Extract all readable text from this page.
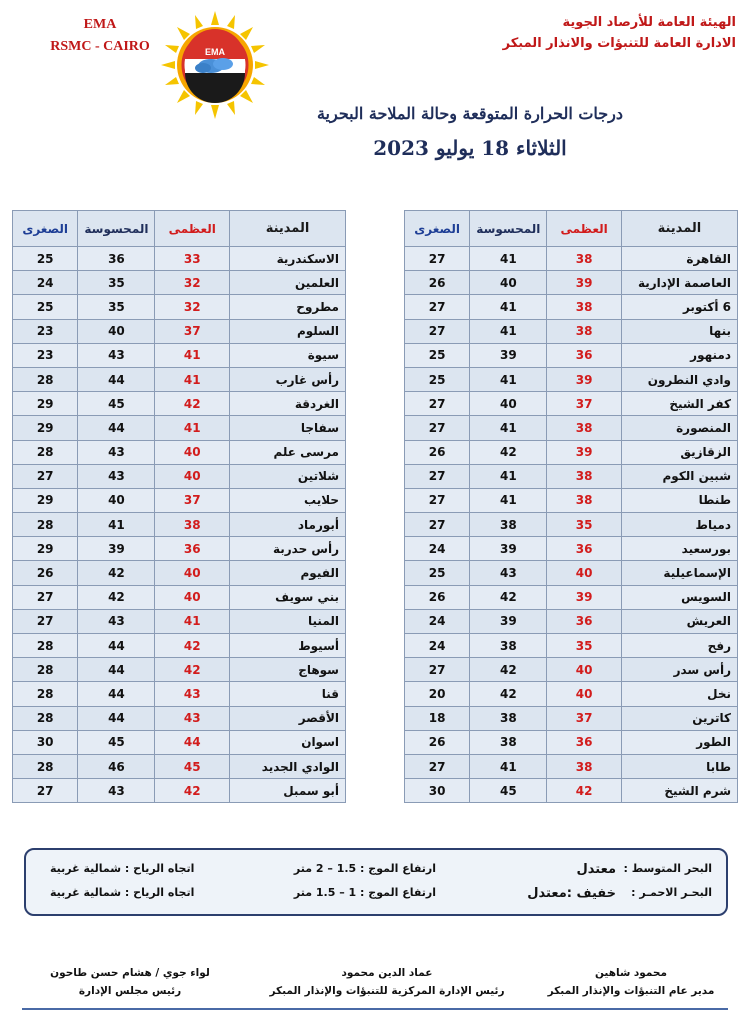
EMA
RSMC - CAIRO	EMA
الهيئة العامة للأرصاد الجوية
الادارة العامة للتنبؤات والانذار المبكر
درجات الحرارة المتوقعة وحالة الملاحة البحرية
الثلاثاء 18 يوليو 2023
المدينة	العظمى	المحسوسة	الصغرى
القاهرة	38	41	27
العاصمة الإدارية	39	40	26
6 أكتوبر	38	41	27
بنها	38	41	27
دمنهور	36	39	25
وادي النطرون	39	41	25
كفر الشيخ	37	40	27
المنصورة	38	41	27
الزقازيق	39	42	26
شبين الكوم	38	41	27
طنطا	38	41	27
دمياط	35	38	27
بورسعيد	36	39	24
الإسماعيلية	40	43	25
السويس	39	42	26
العريش	36	39	24
رفح	35	38	24
رأس سدر	40	42	27
نخل	40	42	20
كاترين	37	38	18
الطور	36	38	26
طابا	38	41	27
شرم الشيخ	42	45	30
المدينة	العظمى	المحسوسة	الصغرى
الاسكندرية	33	36	25
العلمين	32	35	24
مطروح	32	35	25
السلوم	37	40	23
سيوة	41	43	23
رأس غارب	41	44	28
الغردقة	42	45	29
سفاجا	41	44	29
مرسى علم	40	43	28
شلاتين	40	43	27
حلايب	37	40	29
أبورماد	38	41	28
رأس حدربة	36	39	29
الفيوم	40	42	26
بني سويف	40	42	27
المنيا	41	43	27
أسيوط	42	44	28
سوهاج	42	44	28
قنا	43	44	28
الأقصر	43	44	28
اسوان	44	45	30
الوادي الجديد	45	46	28
أبو سمبل	42	43	27
البحر المتوسط :
معتدل
ارتفاع الموج : 1.5 – 2 متر
اتجاه الرياح : شمالية غربية
البحـر الاحمـر :
خفيف :معتدل
ارتفاع الموج : 1 – 1.5 متر
اتجاه الرياح : شمالية غربية
محمود شاهين
مدير عام التنبؤات والإنذار المبكر
عماد الدين محمود
رئيس الإدارة المركزية للتنبؤات والإنذار المبكر
لواء جوي / هشام حسن طاحون
رئيس مجلس الإدارة
